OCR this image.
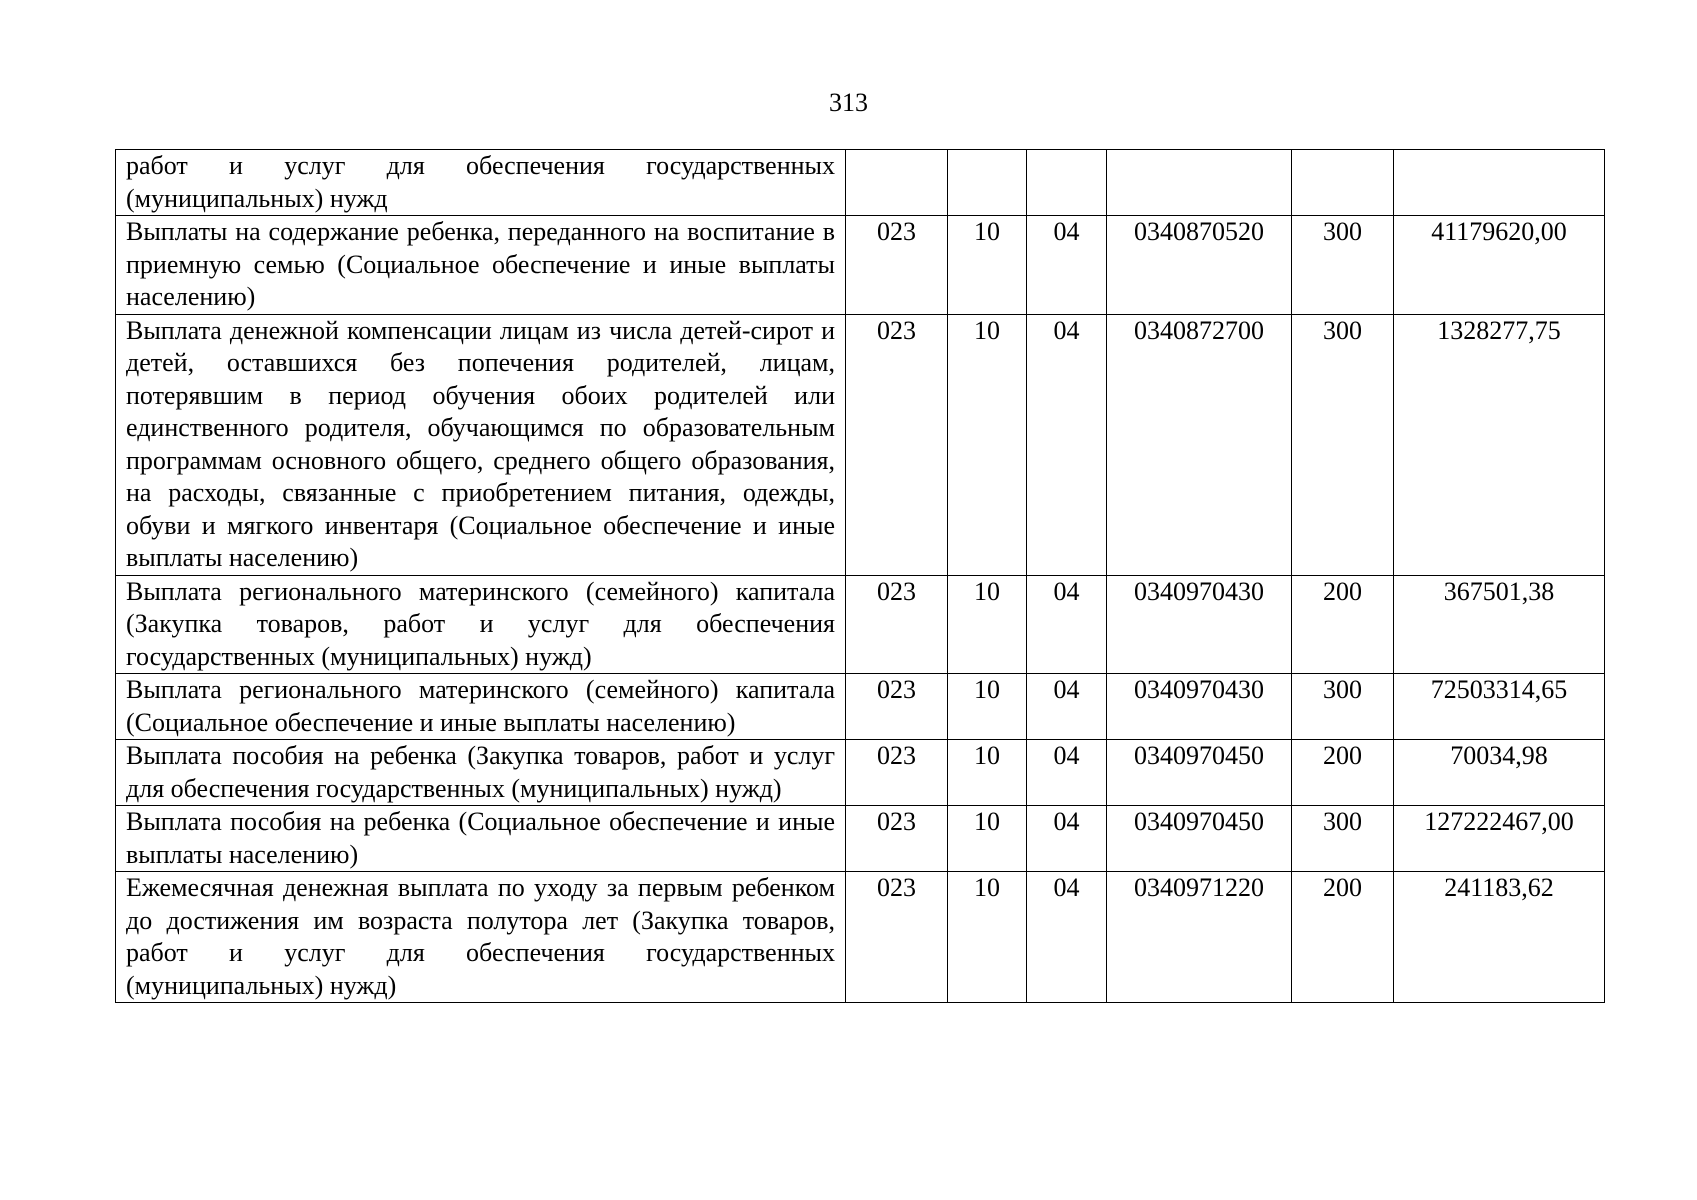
313
работ и услуг для обеспечения государственных (муниципальных) нужд						
Выплаты на содержание ребенка, переданного на воспитание в приемную семью (Социальное обеспечение и иные выплаты населению)	023	10	04	0340870520	300	41179620,00
Выплата денежной компенсации лицам из числа детей-сирот и детей, оставшихся без попечения родителей, лицам, потерявшим в период обучения обоих родителей или единственного родителя, обучающимся по образовательным программам основного общего, среднего общего образования, на расходы, связанные с приобретением питания, одежды, обуви и мягкого инвентаря (Социальное обеспечение и иные выплаты населению)	023	10	04	0340872700	300	1328277,75
Выплата регионального материнского (семейного) капитала (Закупка товаров, работ и услуг для обеспечения государственных (муниципальных) нужд)	023	10	04	0340970430	200	367501,38
Выплата регионального материнского (семейного) капитала (Социальное обеспечение и иные выплаты населению)	023	10	04	0340970430	300	72503314,65
Выплата пособия на ребенка (Закупка товаров, работ и услуг для обеспечения государственных (муниципальных) нужд)	023	10	04	0340970450	200	70034,98
Выплата пособия на ребенка (Социальное обеспечение и иные выплаты населению)	023	10	04	0340970450	300	127222467,00
Ежемесячная денежная выплата по уходу за первым ребенком до достижения им возраста полутора лет (Закупка товаров, работ и услуг для обеспечения государственных (муниципальных) нужд)	023	10	04	0340971220	200	241183,62
